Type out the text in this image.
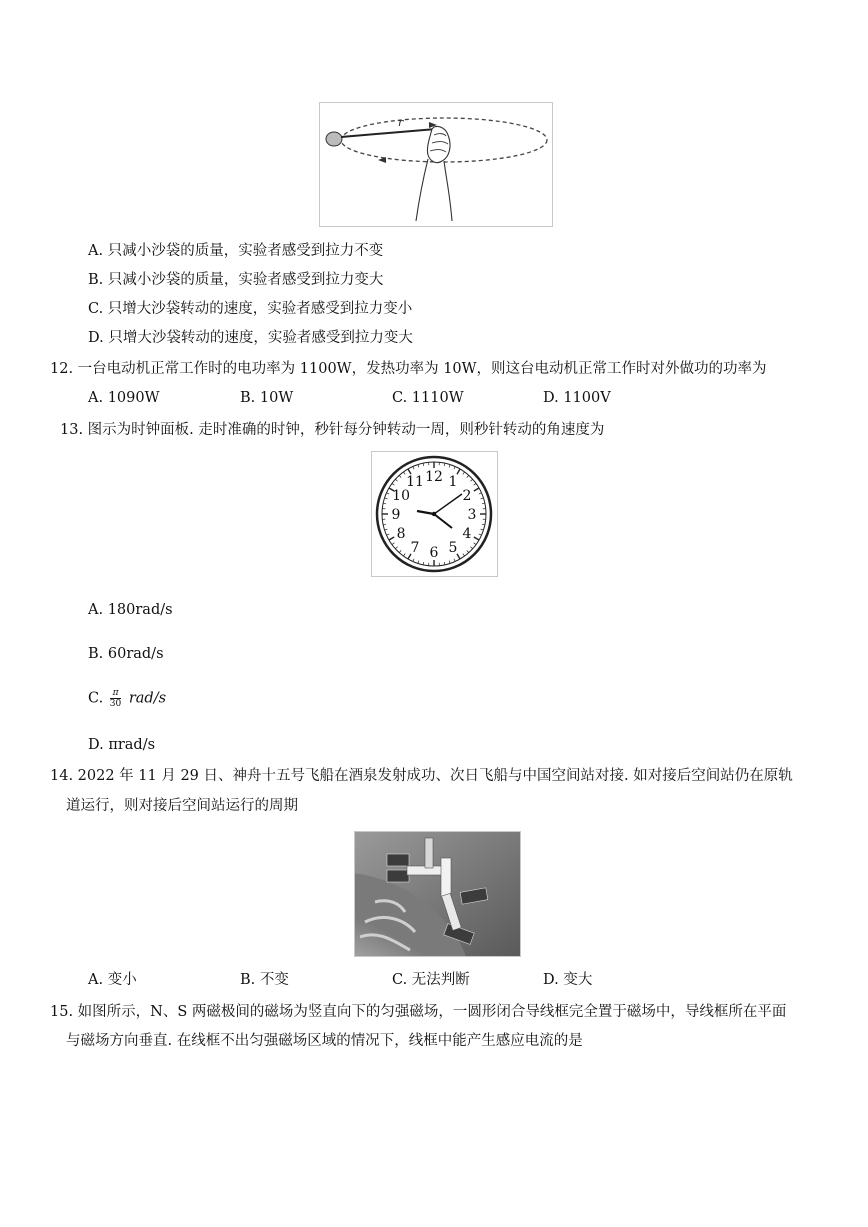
r
A. 只减小沙袋的质量，实验者感受到拉力不变
B. 只减小沙袋的质量，实验者感受到拉力变大
C. 只增大沙袋转动的速度，实验者感受到拉力变小
D. 只增大沙袋转动的速度，实验者感受到拉力变大
12. 一台电动机正常工作时的电功率为 1100W，发热功率为 10W，则这台电动机正常工作时对外做功的功率为
A. 1090W	B. 10W	C. 1110W	D. 1100V
13. 图示为时钟面板. 走时准确的时钟，秒针每分钟转动一周，则秒针转动的角速度为
12 1
2
3
4
5
6
7
8
9
10
11
A. 180rad/s
B. 60rad/s
C. $\frac{\pi}{30} rad/s$
D. πrad/s
14. 2022 年 11 月 29 日、神舟十五号飞船在酒泉发射成功、次日飞船与中国空间站对接. 如对接后空间站仍在原轨
道运行，则对接后空间站运行的周期
A. 变小	B. 不变	C. 无法判断	D. 变大
15. 如图所示，N、S 两磁极间的磁场为竖直向下的匀强磁场，一圆形闭合导线框完全置于磁场中，导线框所在平面
与磁场方向垂直. 在线框不出匀强磁场区域的情况下，线框中能产生感应电流的是
